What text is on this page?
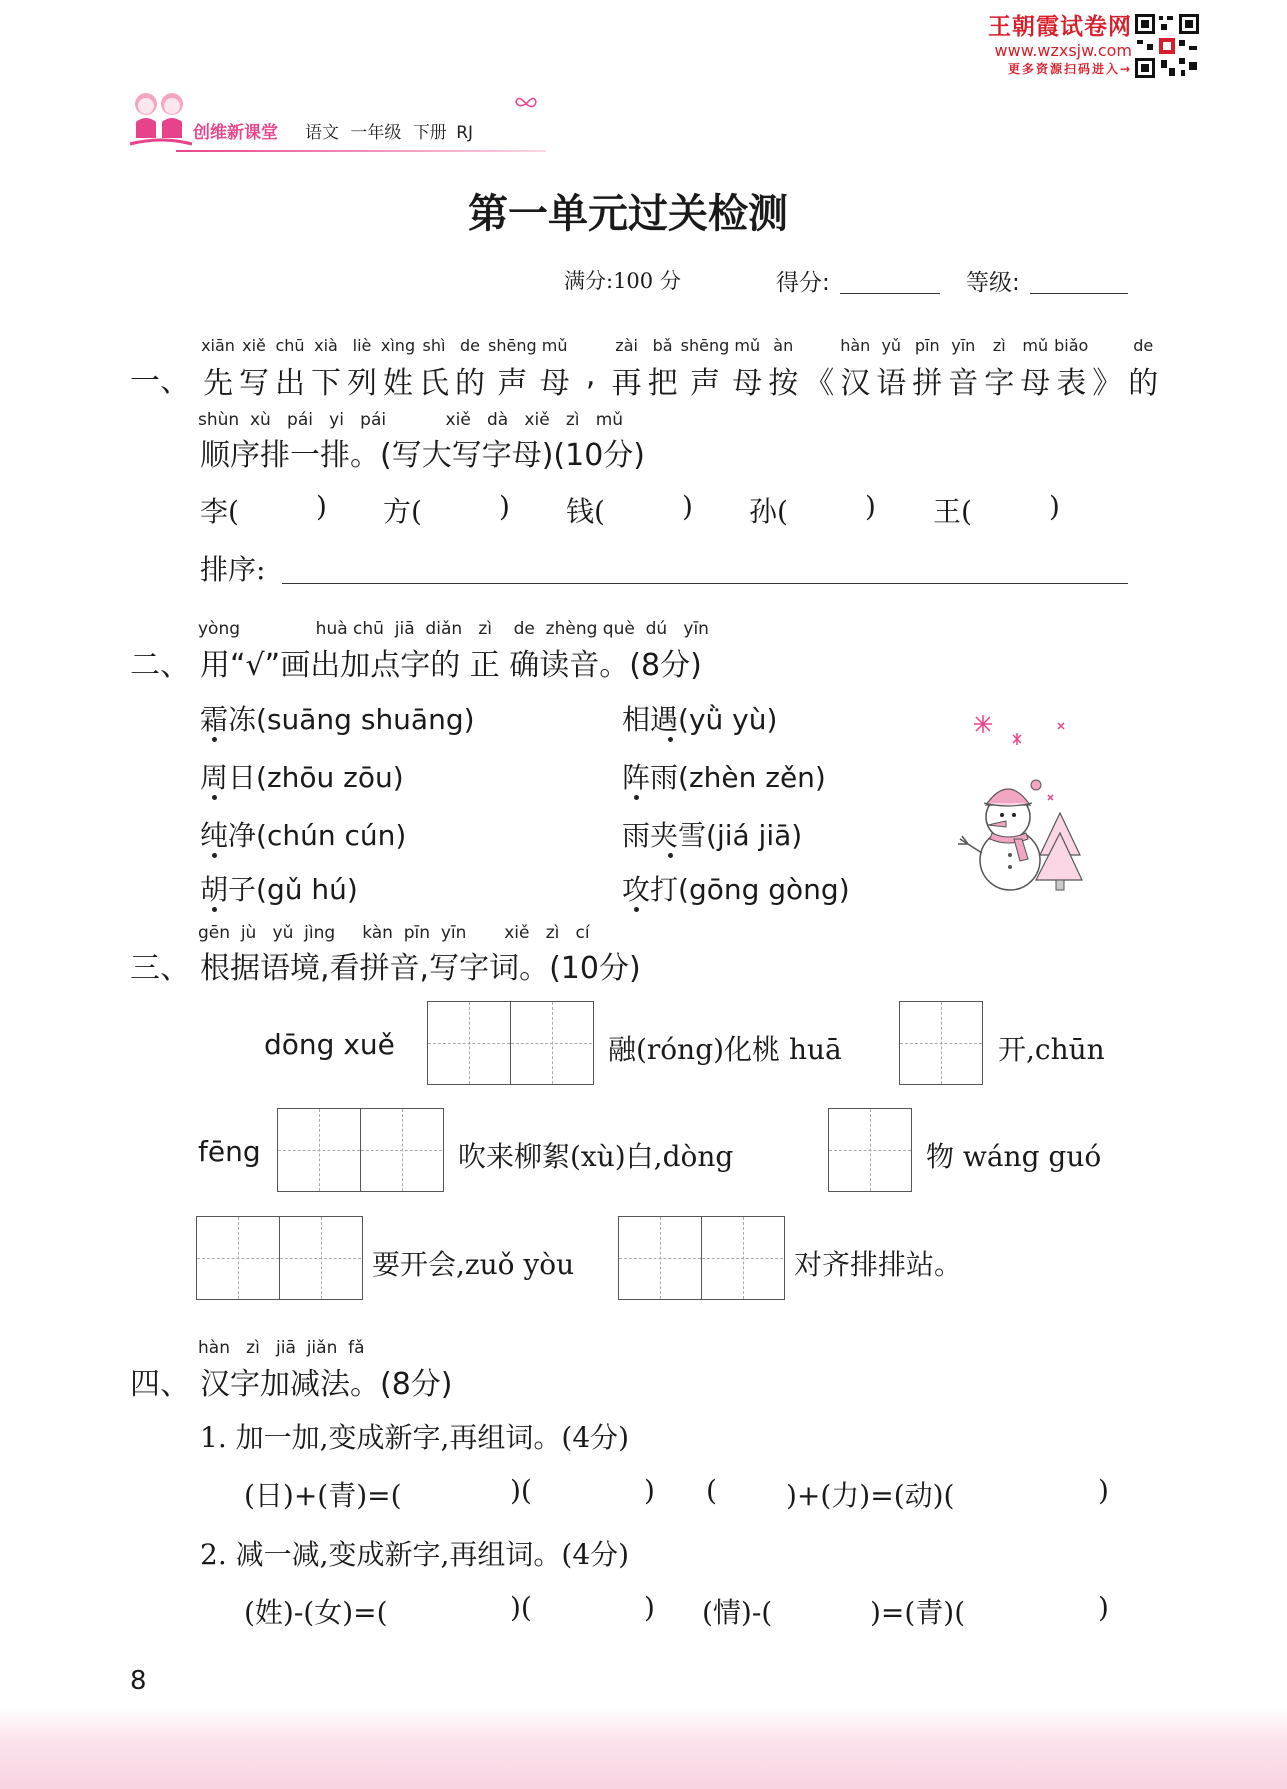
王朝霞试卷网
www.wzxsjw.com
更多资源扫码进入→
创维新课堂 语文 一年级 下册 RJ
第一单元过关检测
满分:100 分	得分:	等级:
一、
xiān
先
xiě
写
chū
出
xià
下
liè
列
xìng
姓
shì
氏
de
的
shēng
声
mǔ
母 ,
zài
再
bǎ
把
shēng
声
mǔ
母
àn
按 《
hàn
汉
yǔ
语
pīn
拼
yīn
音
zì
字
mǔ
母
biǎo
表 》
de
的
shùn  xù   pái   yi   pái           xiě   dà   xiě   zì   mǔ
顺序排一排。(写大写字母)(10分)
李(	) 方(	) 钱(	) 孙(	) 王(	)
排序:
yòng              huà chū  jiā  diǎn   zì    de  zhèng què  dú   yīn
二、 用“√”画出加点字的 正 确读音。(8分)
霜冻(suāng shuāng)	相遇(yǜ yù)
周日(zhōu zōu)	阵雨(zhèn zěn)
纯净(chún cún)	雨夹雪(jiá jiā)
胡子(gǔ hú)	攻打(gōng gòng)
gēn  jù   yǔ  jìng     kàn  pīn  yīn       xiě   zì   cí
三、 根据语境,看拼音,写字词。(10分)
dōng xuě	融(róng)化桃 huā	开,chūn
fēng	吹来柳絮(xù)白,dòng	物 wáng guó
要开会,zuǒ yòu	对齐排排站。
hàn   zì   jiā  jiǎn  fǎ
四、 汉字加减法。(8分)
1. 加一加,变成新字,再组词。(4分)
(日)+(青)=(	)(	) ( )+(力)=(动)(	)
2. 减一减,变成新字,再组词。(4分)
(姓)-(女)=(	)(	) (情)-(	)=(青)(	)
8
